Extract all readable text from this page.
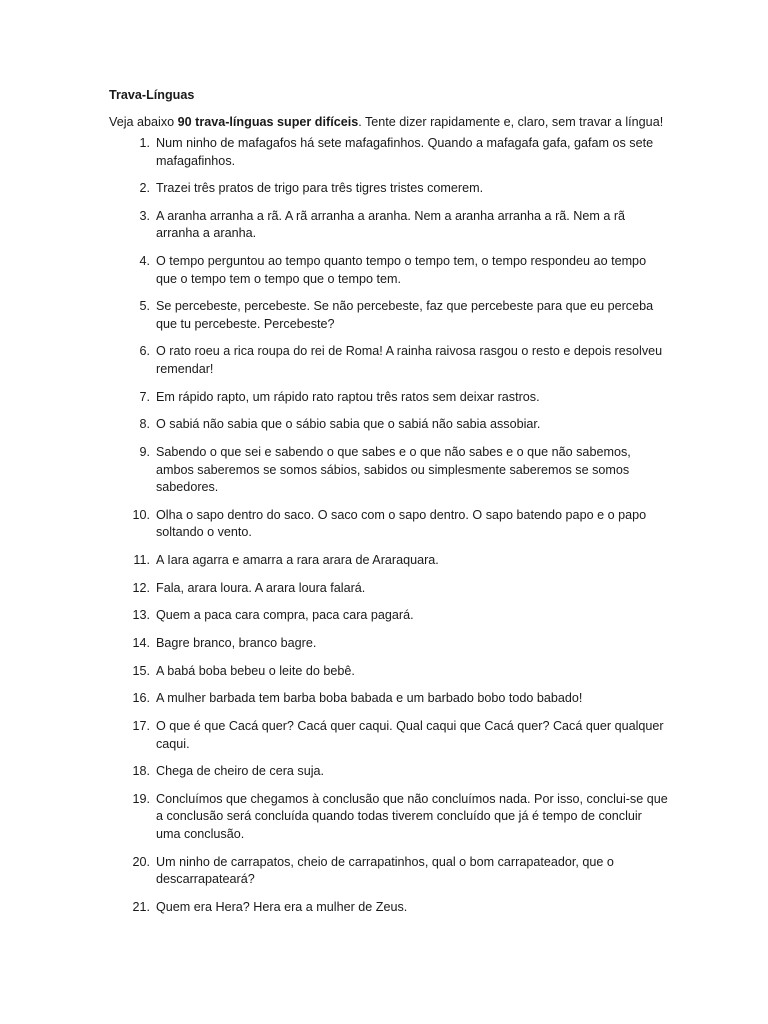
Trava-Línguas

Veja abaixo 90 trava-línguas super difíceis. Tente dizer rapidamente e, claro, sem travar a língua!

1. Num ninho de mafagafos há sete mafagafinhos. Quando a mafagafa gafa, gafam os sete mafagafinhos.
2. Trazei três pratos de trigo para três tigres tristes comerem.
3. A aranha arranha a rã. A rã arranha a aranha. Nem a aranha arranha a rã. Nem a rã arranha a aranha.
4. O tempo perguntou ao tempo quanto tempo o tempo tem, o tempo respondeu ao tempo que o tempo tem o tempo que o tempo tem.
5. Se percebeste, percebeste. Se não percebeste, faz que percebeste para que eu perceba que tu percebeste. Percebeste?
6. O rato roeu a rica roupa do rei de Roma! A rainha raivosa rasgou o resto e depois resolveu remendar!
7. Em rápido rapto, um rápido rato raptou três ratos sem deixar rastros.
8. O sabiá não sabia que o sábio sabia que o sabiá não sabia assobiar.
9. Sabendo o que sei e sabendo o que sabes e o que não sabes e o que não sabemos, ambos saberemos se somos sábios, sabidos ou simplesmente saberemos se somos sabedores.
10. Olha o sapo dentro do saco. O saco com o sapo dentro. O sapo batendo papo e o papo soltando o vento.
11. A Iara agarra e amarra a rara arara de Araraquara.
12. Fala, arara loura. A arara loura falará.
13. Quem a paca cara compra, paca cara pagará.
14. Bagre branco, branco bagre.
15. A babá boba bebeu o leite do bebê.
16. A mulher barbada tem barba boba babada e um barbado bobo todo babado!
17. O que é que Cacá quer? Cacá quer caqui. Qual caqui que Cacá quer? Cacá quer qualquer caqui.
18. Chega de cheiro de cera suja.
19. Concluímos que chegamos à conclusão que não concluímos nada. Por isso, conclui-se que a conclusão será concluída quando todas tiverem concluído que já é tempo de concluir uma conclusão.
20. Um ninho de carrapatos, cheio de carrapatinhos, qual o bom carrapateador, que o descarrapateará?
21. Quem era Hera? Hera era a mulher de Zeus.
